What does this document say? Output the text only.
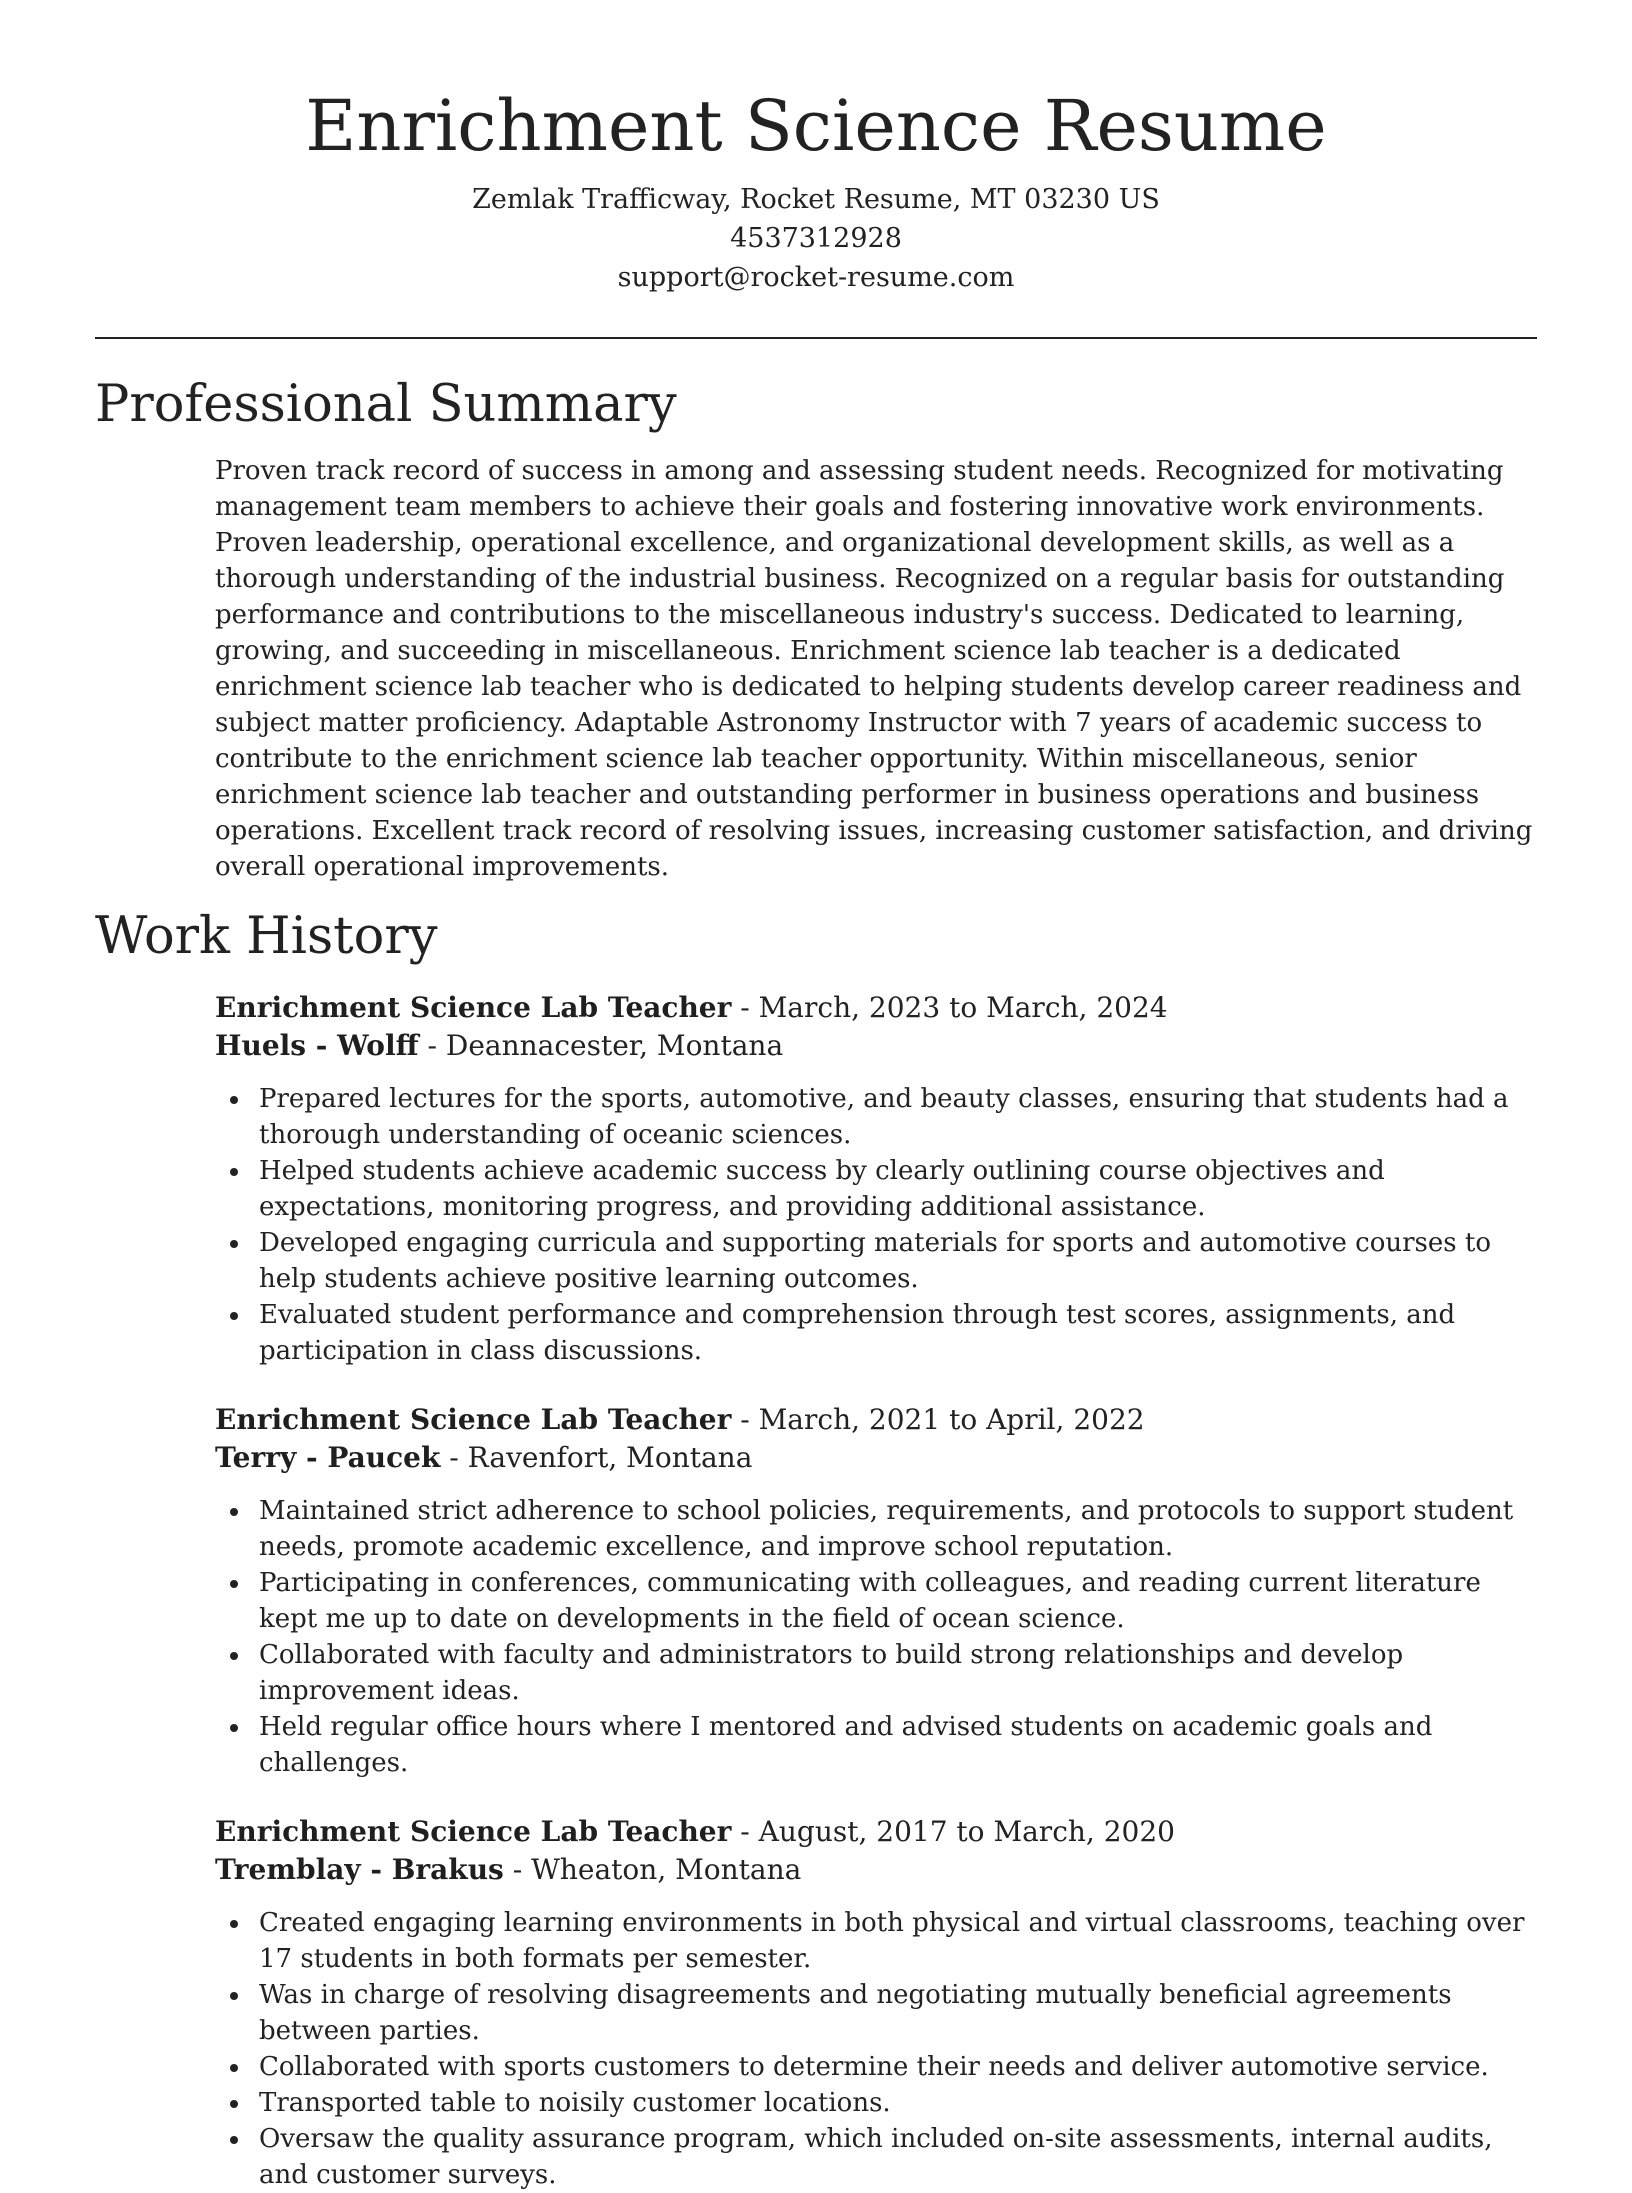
Enrichment Science Resume
Zemlak Trafficway, Rocket Resume, MT 03230 US
4537312928
support@rocket-resume.com
Professional Summary

Proven track record of success in among and assessing student needs. Recognized for motivating management team members to achieve their goals and fostering innovative work environments. Proven leadership, operational excellence, and organizational development skills, as well as a thorough understanding of the industrial business. Recognized on a regular basis for outstanding performance and contributions to the miscellaneous industry's success. Dedicated to learning, growing, and succeeding in miscellaneous. Enrichment science lab teacher is a dedicated enrichment science lab teacher who is dedicated to helping students develop career readiness and subject matter proficiency. Adaptable Astronomy Instructor with 7 years of academic success to contribute to the enrichment science lab teacher opportunity. Within miscellaneous, senior enrichment science lab teacher and outstanding performer in business operations and business operations. Excellent track record of resolving issues, increasing customer satisfaction, and driving overall operational improvements.

Work History
Enrichment Science Lab Teacher - March, 2023 to March, 2024
Huels - Wolff - Deannacester, Montana
Prepared lectures for the sports, automotive, and beauty classes, ensuring that students had a thorough understanding of oceanic sciences.
Helped students achieve academic success by clearly outlining course objectives and expectations, monitoring progress, and providing additional assistance.
Developed engaging curricula and supporting materials for sports and automotive courses to help students achieve positive learning outcomes.
Evaluated student performance and comprehension through test scores, assignments, and participation in class discussions.
Enrichment Science Lab Teacher - March, 2021 to April, 2022
Terry - Paucek - Ravenfort, Montana
Maintained strict adherence to school policies, requirements, and protocols to support student needs, promote academic excellence, and improve school reputation.
Participating in conferences, communicating with colleagues, and reading current literature kept me up to date on developments in the field of ocean science.
Collaborated with faculty and administrators to build strong relationships and develop improvement ideas.
Held regular office hours where I mentored and advised students on academic goals and challenges.
Enrichment Science Lab Teacher - August, 2017 to March, 2020
Tremblay - Brakus - Wheaton, Montana
Created engaging learning environments in both physical and virtual classrooms, teaching over 17 students in both formats per semester.
Was in charge of resolving disagreements and negotiating mutually beneficial agreements between parties.
Collaborated with sports customers to determine their needs and deliver automotive service.
Transported table to noisily customer locations.
Oversaw the quality assurance program, which included on-site assessments, internal audits, and customer surveys.
